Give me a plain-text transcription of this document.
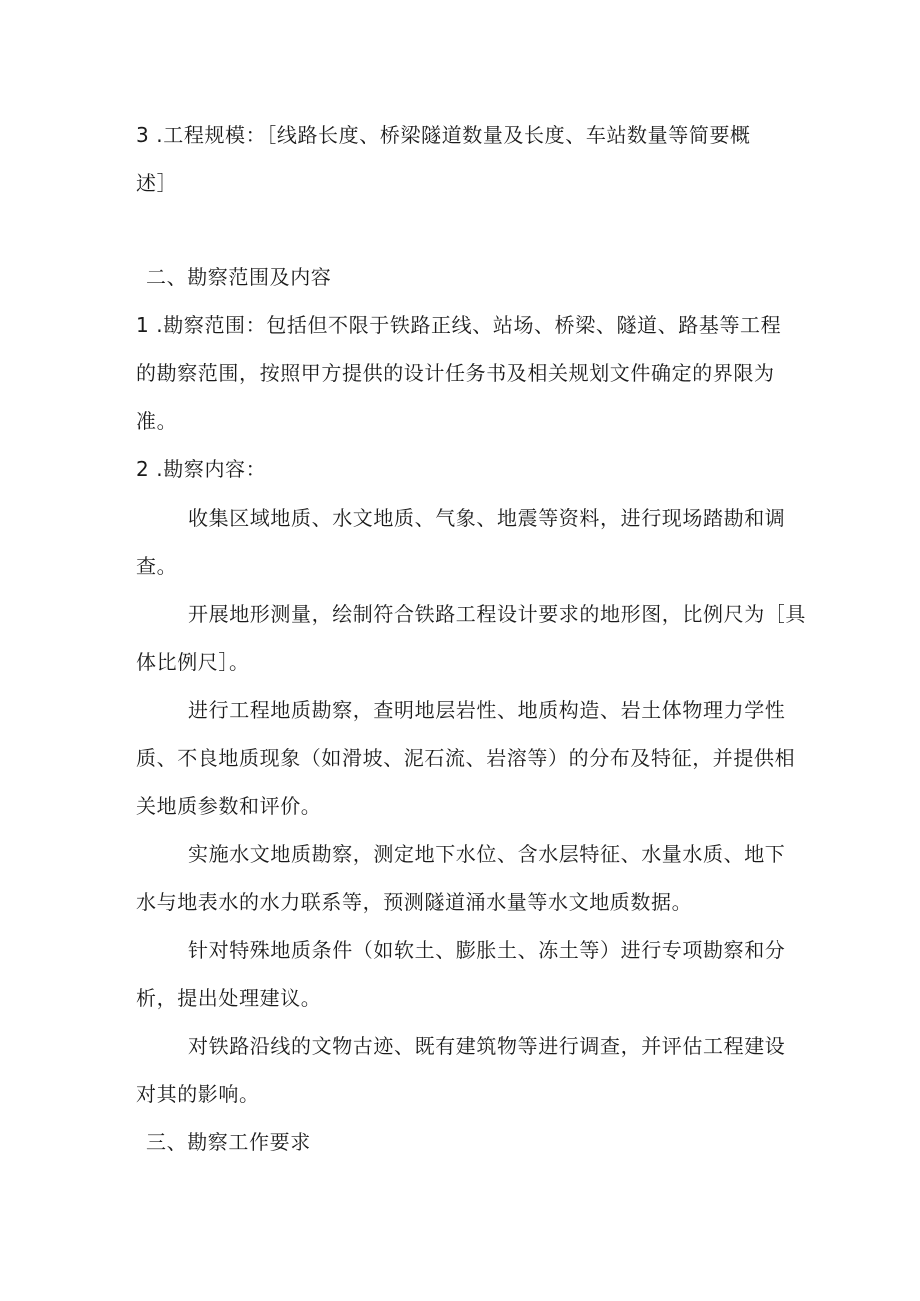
3 .工程规模：［线路长度、桥梁隧道数量及长度、车站数量等简要概
述］
二、勘察范围及内容
1 .勘察范围：包括但不限于铁路正线、站场、桥梁、隧道、路基等工程
的勘察范围，按照甲方提供的设计任务书及相关规划文件确定的界限为
准。
2 .勘察内容：
收集区域地质、水文地质、气象、地震等资料，进行现场踏勘和调
查。
开展地形测量，绘制符合铁路工程设计要求的地形图，比例尺为［具
体比例尺］。
进行工程地质勘察，查明地层岩性、地质构造、岩土体物理力学性
质、不良地质现象（如滑坡、泥石流、岩溶等）的分布及特征，并提供相
关地质参数和评价。
实施水文地质勘察，测定地下水位、含水层特征、水量水质、地下
水与地表水的水力联系等，预测隧道涌水量等水文地质数据。
针对特殊地质条件（如软土、膨胀土、冻土等）进行专项勘察和分
析，提出处理建议。
对铁路沿线的文物古迹、既有建筑物等进行调查，并评估工程建设
对其的影响。
三、勘察工作要求
